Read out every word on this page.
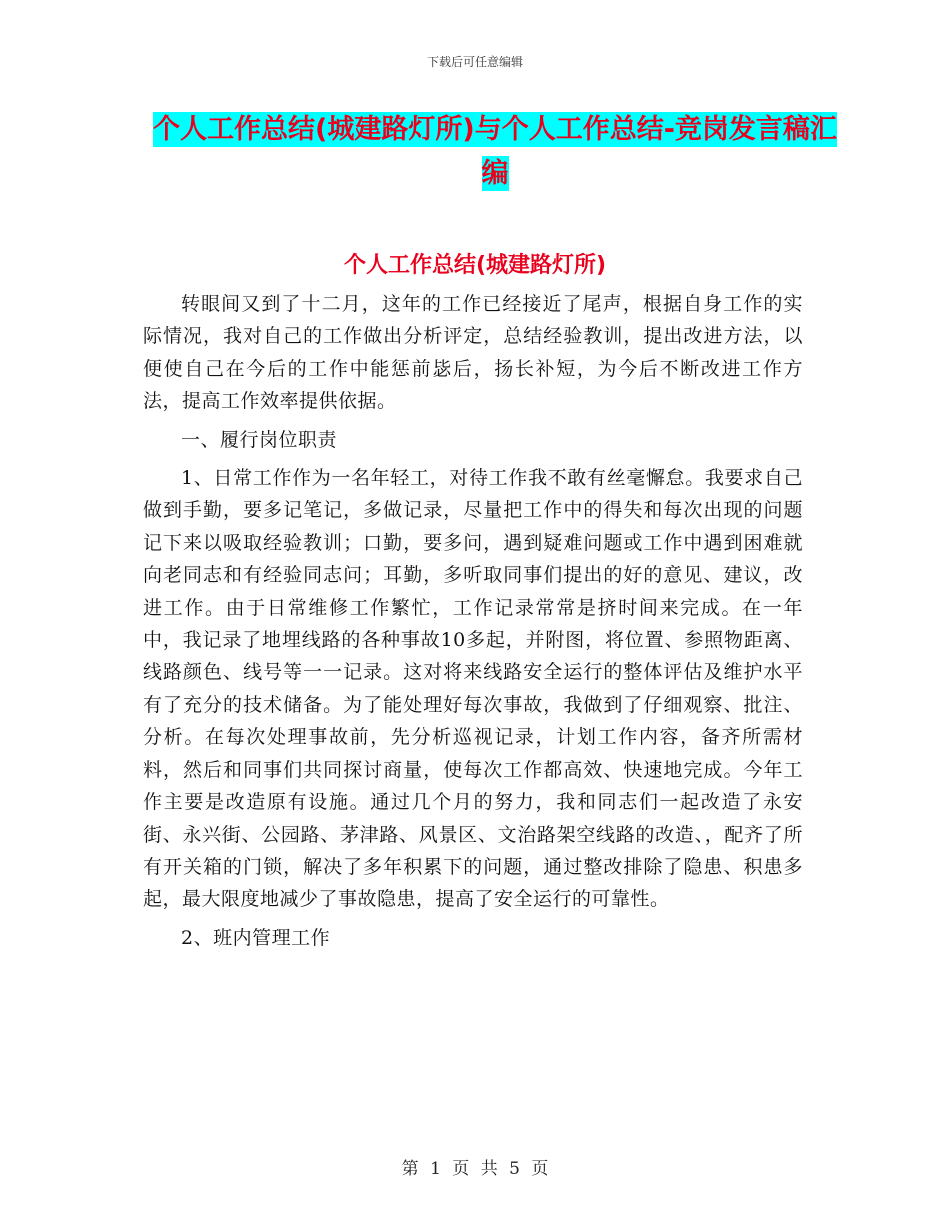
下载后可任意编辑
个人工作总结(城建路灯所)与个人工作总结-竞岗发言稿汇编
个人工作总结(城建路灯所)

转眼间又到了十二月，这年的工作已经接近了尾声，根据自身工作的实际情况，我对自己的工作做出分析评定，总结经验教训，提出改进方法，以便使自己在今后的工作中能惩前毖后，扬长补短，为今后不断改进工作方法，提高工作效率提供依据。

一、履行岗位职责

1、日常工作作为一名年轻工，对待工作我不敢有丝毫懈怠。我要求自己做到手勤，要多记笔记，多做记录，尽量把工作中的得失和每次出现的问题记下来以吸取经验教训；口勤，要多问，遇到疑难问题或工作中遇到困难就向老同志和有经验同志问；耳勤，多听取同事们提出的好的意见、建议，改进工作。由于日常维修工作繁忙，工作记录常常是挤时间来完成。在一年中，我记录了地埋线路的各种事故10多起，并附图，将位置、参照物距离、线路颜色、线号等一一记录。这对将来线路安全运行的整体评估及维护水平有了充分的技术储备。为了能处理好每次事故，我做到了仔细观察、批注、分析。在每次处理事故前，先分析巡视记录，计划工作内容，备齐所需材料，然后和同事们共同探讨商量，使每次工作都高效、快速地完成。今年工作主要是改造原有设施。通过几个月的努力，我和同志们一起改造了永安街、永兴街、公园路、茅津路、风景区、文治路架空线路的改造、，配齐了所有开关箱的门锁，解决了多年积累下的问题，通过整改排除了隐患、积患多起，最大限度地减少了事故隐患，提高了安全运行的可靠性。

2、班内管理工作

第 1 页 共 5 页
